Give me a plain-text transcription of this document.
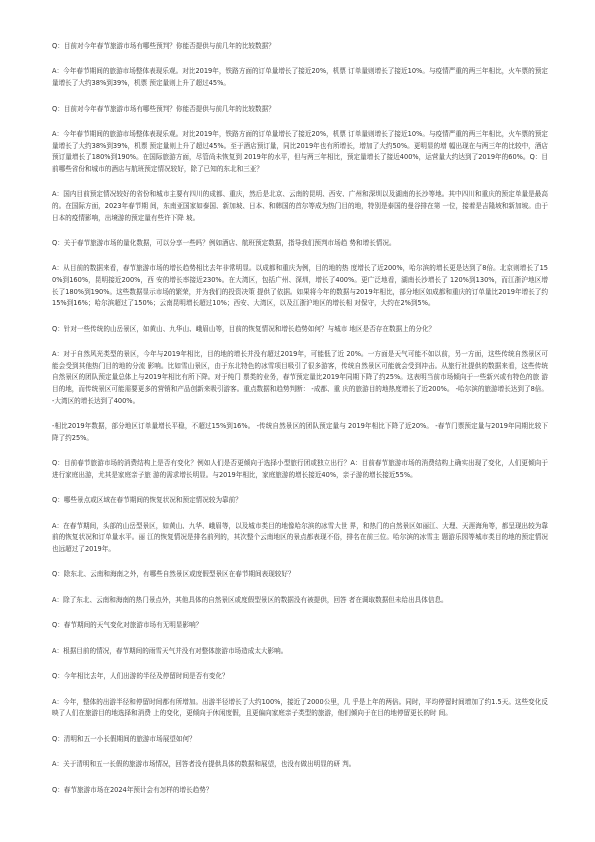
Q：目前对今年春节旅游市场有哪些预判？你能否提供与前几年的比较数据？

A：今年春节期间的旅游市场整体表现乐观。对比2019年，铁路方面的订单量增长了接近20%，机票 订单量则增长了接近10%。与疫情严重的两三年相比，火车票的预定量增长了大约38%到39%，机票 预定量则上升了超过45%。

Q：目前对今年春节旅游市场有哪些预判？你能否提供与前几年的比较数据？

A：今年春节期间的旅游市场整体表现乐观。对比2019年，铁路方面的订单量增长了接近20%，机票 订单量则增长了接近10%。与疫情严重的两三年相比，火车票的预定量增长了大约38%到39%，机票 预定量则上升了超过45%。至于酒店预订量，同比2019年也有所增长，增加了大约50%。更明显的增 幅出现在与两三年的比较中，酒店预订量增长了180%到190%。在国际旅游方面，尽管尚未恢复到 2019年的水平，但与两三年相比，预定量增长了接近400%，运营量大约达到了2019年的60%。Q：目前哪些省份和城市的酒店与航班预定情况较好，除了已知的东北和三亚？

A：国内目前预定情况较好的省份和城市主要有四川的成都、重庆，然后是北京、云南的昆明、西安、广州和深圳以及湖南的长沙等地。其中四川和重庆的预定单量是最高的。在国际方面，2023年春节期 间，东南亚国家如泰国、新加坡、日本、和韩国的首尔等成为热门目的地，特别是泰国的曼谷排在第 一位，接着是吉隆坡和新加坡。由于日本的疫情影响，出境游的预定量有些许下降 坡。

Q：关于春节旅游市场的量化数据，可以分享一些吗？例如酒店、航班预定数据，指导我们预判市场趋 势和增长情况。

A：从目前的数据来看，春节旅游市场的增长趋势相比去年非常明显。以成都和重庆为例，目的地的热 度增长了近200%，哈尔滨的增长更是达到了8倍。北京则增长了150%到160%，昆明接近200%，西 安的增长率接近230%。在大湾区，包括广州、深圳，增长了400%。更广泛地看，湖南长沙增长了 120%到130%，而江浙沪地区增长了180%到190%。这些数据显示市场的繁荣，并为我们的投资决策 提供了依据。如果将今年的数据与2019年相比，部分地区如成都和重庆的订单量比2019年增长了约 15%到16%；哈尔滨超过了150%；云南昆明增长超过10%；西安、大湾区，以及江浙沪地区的增长相 对保守，大约在2%到5%。

Q：针对一些传统的山岳景区，如黄山、九华山、峨眉山等，目前的恢复情况和增长趋势如何？与城市 地区是否存在数据上的分化？

A：对于自然风光类型的景区，今年与2019年相比，目的地的增长并没有超过2019年，可能低了近 20%。一方面是天气可能不如以前，另一方面，这些传统自然景区可能会受到其他热门目的地的分流 影响。比如雪山景区，由于东北特色的冰雪项目吸引了很多游客，传统自然景区可能就会受到冲击。从旅行社提供的数据来看，这些传统自然景区的团队预定量总体上与2019年相比有所下降。对于纯门 票类的业务，春节预定量比2019年同期下降了约25%。这表明当前市场倾向于一些新兴或有特色的旅 游目的地，而传统景区可能需要更多的营销和产品创新来吸引游客。重点数据和趋势判断： -成都、重 庆的旅游目的地热度增长了近200%。 -哈尔滨的旅游增长达到了8倍。 -大湾区的增长达到了400%。

-相比2019年数据，部分地区订单量增长平稳，不超过15%到16%。 -传统自然景区的团队预定量与 2019年相比下降了近20%。 -春节门票预定量与2019年同期比较下降了约25%。

Q：目前春节旅游市场的消费结构上是否有变化？例如人们是否更倾向于选择小型旅行团或独立出行？A：目前春节旅游市场的消费结构上确实出现了变化，人们更倾向于进行家庭出游，尤其是家庭亲子旅 游的需求增长明显。与2019年相比，家庭旅游的增长接近40%，亲子游的增长接近55%。

Q：哪些景点或区域在春节期间的恢复状况和预定情况较为靠前？

A：在春节期间，头部的山岳型景区，如黄山、九华、峨眉等，以及城市类目的地像哈尔滨的冰雪大世 界，和热门的自然景区如丽江、大理、天涯海角等，都呈现出较为靠前的恢复状况和订单量水平。丽 江的恢复情况是排名前列的，其次整个云南地区的景点都表现不俗，排名在前三位。哈尔滨的冰雪主 题游乐园等城市类目的地的预定情况也远超过了2019年。

Q：除东北、云南和海南之外，有哪些自然景区或度假型景区在春节期间表现较好？

A：除了东北、云南和海南的热门景点外，其他具体的自然景区或度假型景区的数据没有被提供，回答 者在调取数据但未给出具体信息。

Q：春节期间的天气变化对旅游市场有无明显影响？

A：根据目前的情况，春节期间的雨雪天气并没有对整体旅游市场造成太大影响。

Q：今年相比去年，人们出游的半径及停留时间是否有变化？

A：今年，整体的出游半径和停留时间都有所增加。出游半径增长了大约100%，接近了2000公里，几 乎是上年的两倍。同时，平均停留时间增加了约1.5天。这些变化反映了人们在旅游目的地选择和消费 上的变化，更倾向于休闲度假，且更偏向家庭亲子类型的旅游，他们倾向于在目的地停留更长的时 间。

Q：清明和五一小长假期间的旅游市场展望如何？

A：关于清明和五一长假的旅游市场情况，回答者没有提供具体的数据和展望，也没有做出明显的研 判。

Q：春节旅游市场在2024年预计会有怎样的增长趋势？
